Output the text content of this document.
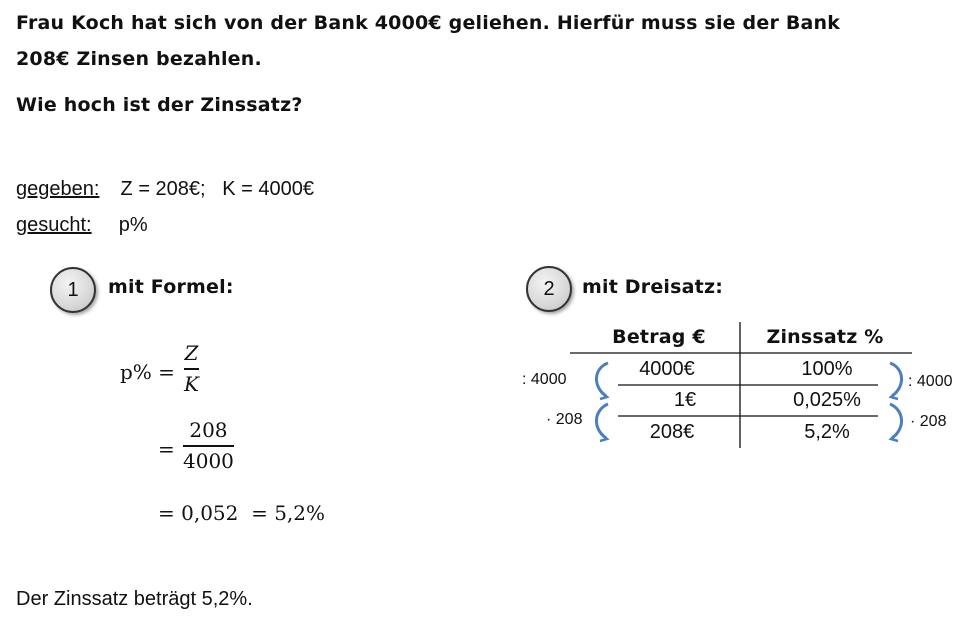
Frau Koch hat sich von der Bank 4000€ geliehen. Hierfür muss sie der Bank
208€ Zinsen bezahlen.
Wie hoch ist der Zinssatz?
gegeben: Z = 208€;   K = 4000€
gesucht: p%
1	mit Formel:
p% =
Z
K
=
208
4000
= 0,052  = 5,2%
2	mit Dreisatz:
Betrag €	Zinssatz %
4000€	100%
1€	0,025%
208€	5,2%
: 4000
· 208
: 4000
· 208
Der Zinssatz beträgt 5,2%.
